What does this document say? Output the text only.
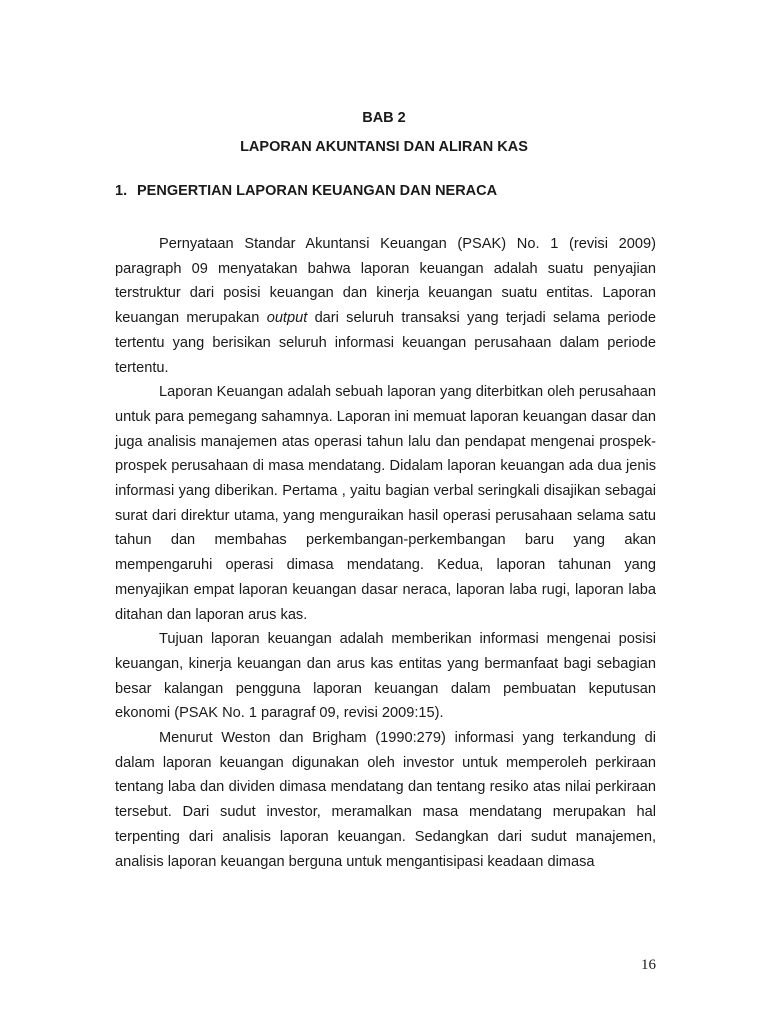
BAB 2
LAPORAN AKUNTANSI DAN ALIRAN KAS
1. PENGERTIAN LAPORAN KEUANGAN DAN NERACA

Pernyataan Standar Akuntansi Keuangan (PSAK) No. 1 (revisi 2009) paragraph 09 menyatakan bahwa laporan keuangan adalah suatu penyajian terstruktur dari posisi keuangan dan kinerja keuangan suatu entitas. Laporan keuangan merupakan output dari seluruh transaksi yang terjadi selama periode tertentu yang berisikan seluruh informasi keuangan perusahaan dalam periode tertentu.

Laporan Keuangan adalah sebuah laporan yang diterbitkan oleh perusahaan untuk para pemegang sahamnya. Laporan ini memuat laporan keuangan dasar dan juga analisis manajemen atas operasi tahun lalu dan pendapat mengenai prospek-prospek perusahaan di masa mendatang. Didalam laporan keuangan ada dua jenis informasi yang diberikan. Pertama , yaitu bagian verbal seringkali disajikan sebagai surat dari direktur utama, yang menguraikan hasil operasi perusahaan selama satu tahun dan membahas perkembangan-perkembangan baru yang akan mempengaruhi operasi dimasa mendatang. Kedua, laporan tahunan yang menyajikan empat laporan keuangan dasar neraca, laporan laba rugi, laporan laba ditahan dan laporan arus kas.

Tujuan laporan keuangan adalah memberikan informasi mengenai posisi keuangan, kinerja keuangan dan arus kas entitas yang bermanfaat bagi sebagian besar kalangan pengguna laporan keuangan dalam pembuatan keputusan ekonomi (PSAK No. 1 paragraf 09, revisi 2009:15).

Menurut Weston dan Brigham (1990:279) informasi yang terkandung di dalam laporan keuangan digunakan oleh investor untuk memperoleh perkiraan tentang laba dan dividen dimasa mendatang dan tentang resiko atas nilai perkiraan tersebut. Dari sudut investor, meramalkan masa mendatang merupakan hal terpenting dari analisis laporan keuangan. Sedangkan dari sudut manajemen, analisis laporan keuangan berguna untuk mengantisipasi keadaan dimasa

16
